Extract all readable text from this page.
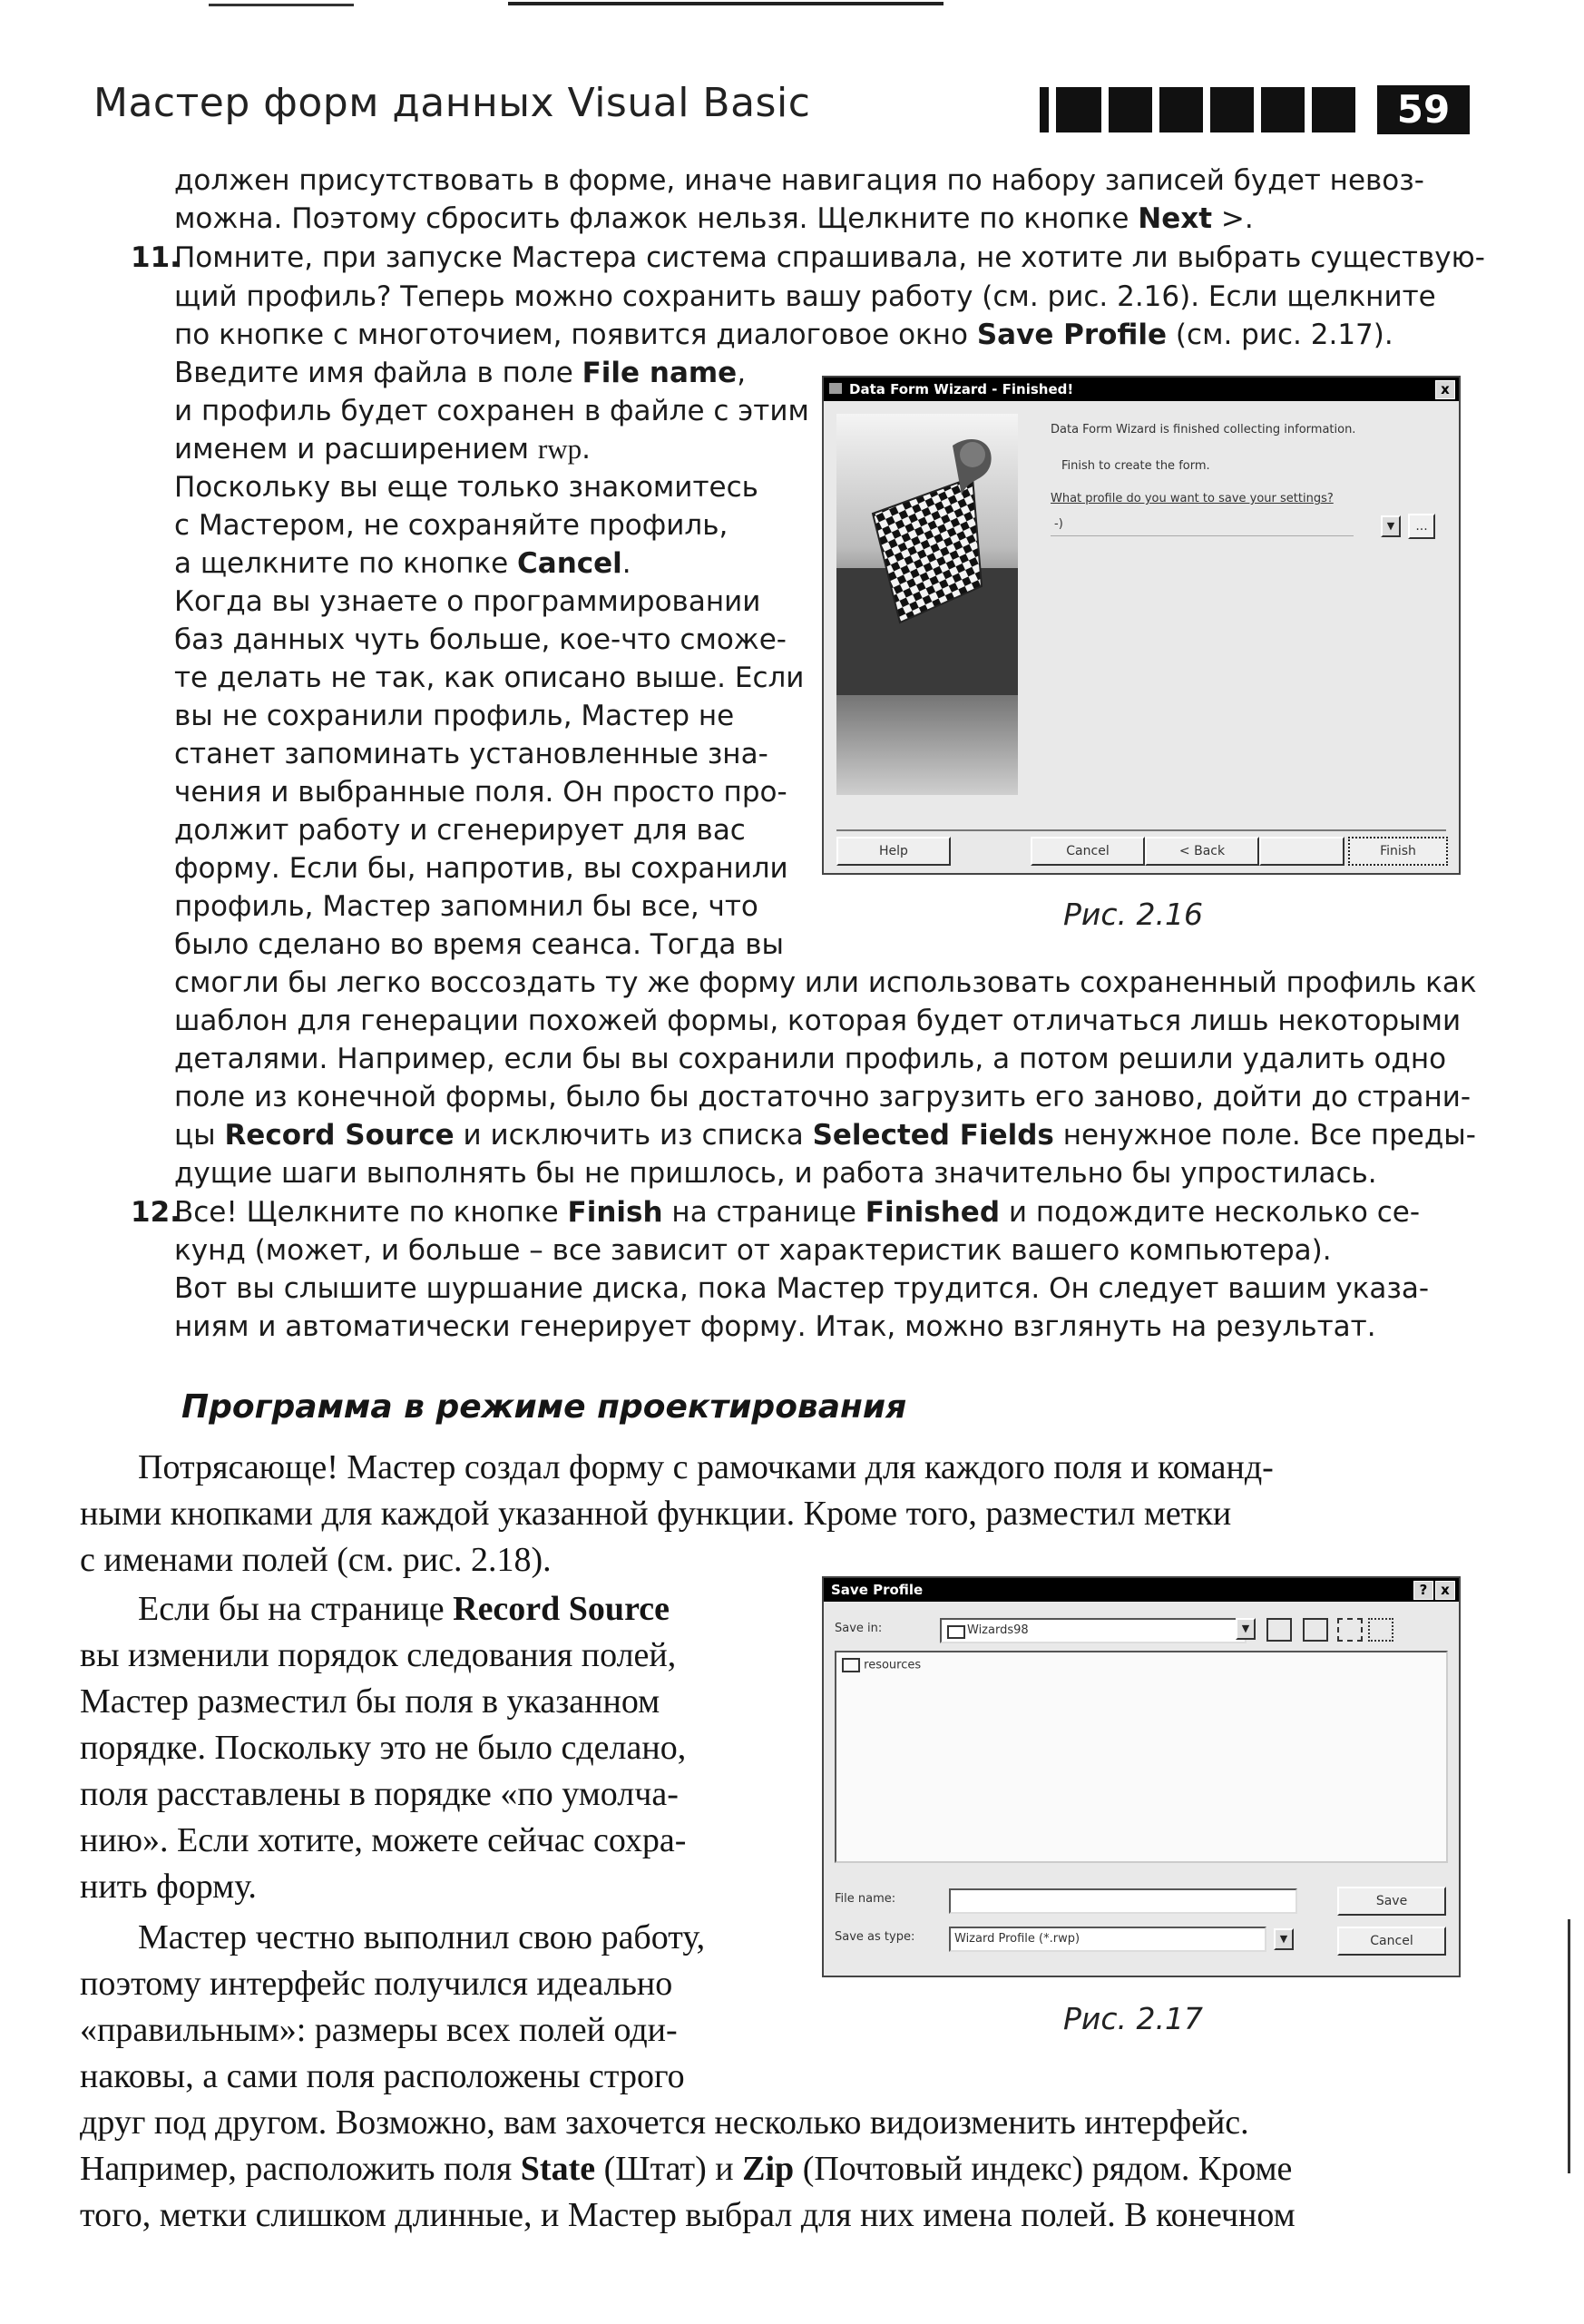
Мастер форм данных Visual Basic	59
должен присутствовать в форме, иначе навигация по набору записей будет невоз-
можна. Поэтому сбросить флажок нельзя. Щелкните по кнопке Next >.
11.
Помните, при запуске Мастера система спрашивала, не хотите ли выбрать существую-
щий профиль? Теперь можно сохранить вашу работу (см. рис. 2.16). Если щелкните
по кнопке с многоточием, появится диалоговое окно Save Profile (см. рис. 2.17).
Введите имя файла в поле File name,
и профиль будет сохранен в файле с этим
именем и расширением rwp.
Поскольку вы еще только знакомитесь
с Мастером, не сохраняйте профиль,
а щелкните по кнопке Cancel.
Когда вы узнаете о программировании
баз данных чуть больше, кое-что сможе-
те делать не так, как описано выше. Если
вы не сохранили профиль, Мастер не
станет запоминать установленные зна-
чения и выбранные поля. Он просто про-
должит работу и сгенерирует для вас
форму. Если бы, напротив, вы сохранили
профиль, Мастер запомнил бы все, что
было сделано во время сеанса. Тогда вы
смогли бы легко воссоздать ту же форму или использовать сохраненный профиль как
шаблон для генерации похожей формы, которая будет отличаться лишь некоторыми
деталями. Например, если бы вы сохранили профиль, а потом решили удалить одно
поле из конечной формы, было бы достаточно загрузить его заново, дойти до страни-
цы Record Source и исключить из списка Selected Fields ненужное поле. Все преды-
дущие шаги выполнять бы не пришлось, и работа значительно бы упростилась.
12.
Все! Щелкните по кнопке Finish на странице Finished и подождите несколько се-
кунд (может, и больше – все зависит от характеристик вашего компьютера).
Вот вы слышите шуршание диска, пока Мастер трудится. Он следует вашим указа-
ниям и автоматически генерирует форму. Итак, можно взглянуть на результат.
Программа в режиме проектирования
Потрясающе! Мастер создал форму с рамочками для каждого поля и команд-
ными кнопками для каждой указанной функции. Кроме того, разместил метки
с именами полей (см. рис. 2.18).
Если бы на странице Record Source
вы изменили порядок следования полей,
Мастер разместил бы поля в указанном
порядке. Поскольку это не было сделано,
поля расставлены в порядке «по умолча-
нию». Если хотите, можете сейчас сохра-
нить форму.
Мастер честно выполнил свою работу,
поэтому интерфейс получился идеально
«правильным»: размеры всех полей оди-
наковы, а сами поля расположены строго
друг под другом. Возможно, вам захочется несколько видоизменить интерфейс.
Например, расположить поля State (Штат) и Zip (Почтовый индекс) рядом. Кроме
того, метки слишком длинные, и Мастер выбрал для них имена полей. В конечном
Data Form Wizard - Finished!	x
Data Form Wizard is finished collecting information.
Finish to create the form.
What profile do you want to save your settings?
-)	▼	...
Help	Cancel	< Back	Finish
Рис. 2.16
Save Profile	? x
Save in:	Wizards98	▼
resources
File name:
Save as type:	Wizard Profile (*.rwp)	▼
Save
Cancel
Рис. 2.17
